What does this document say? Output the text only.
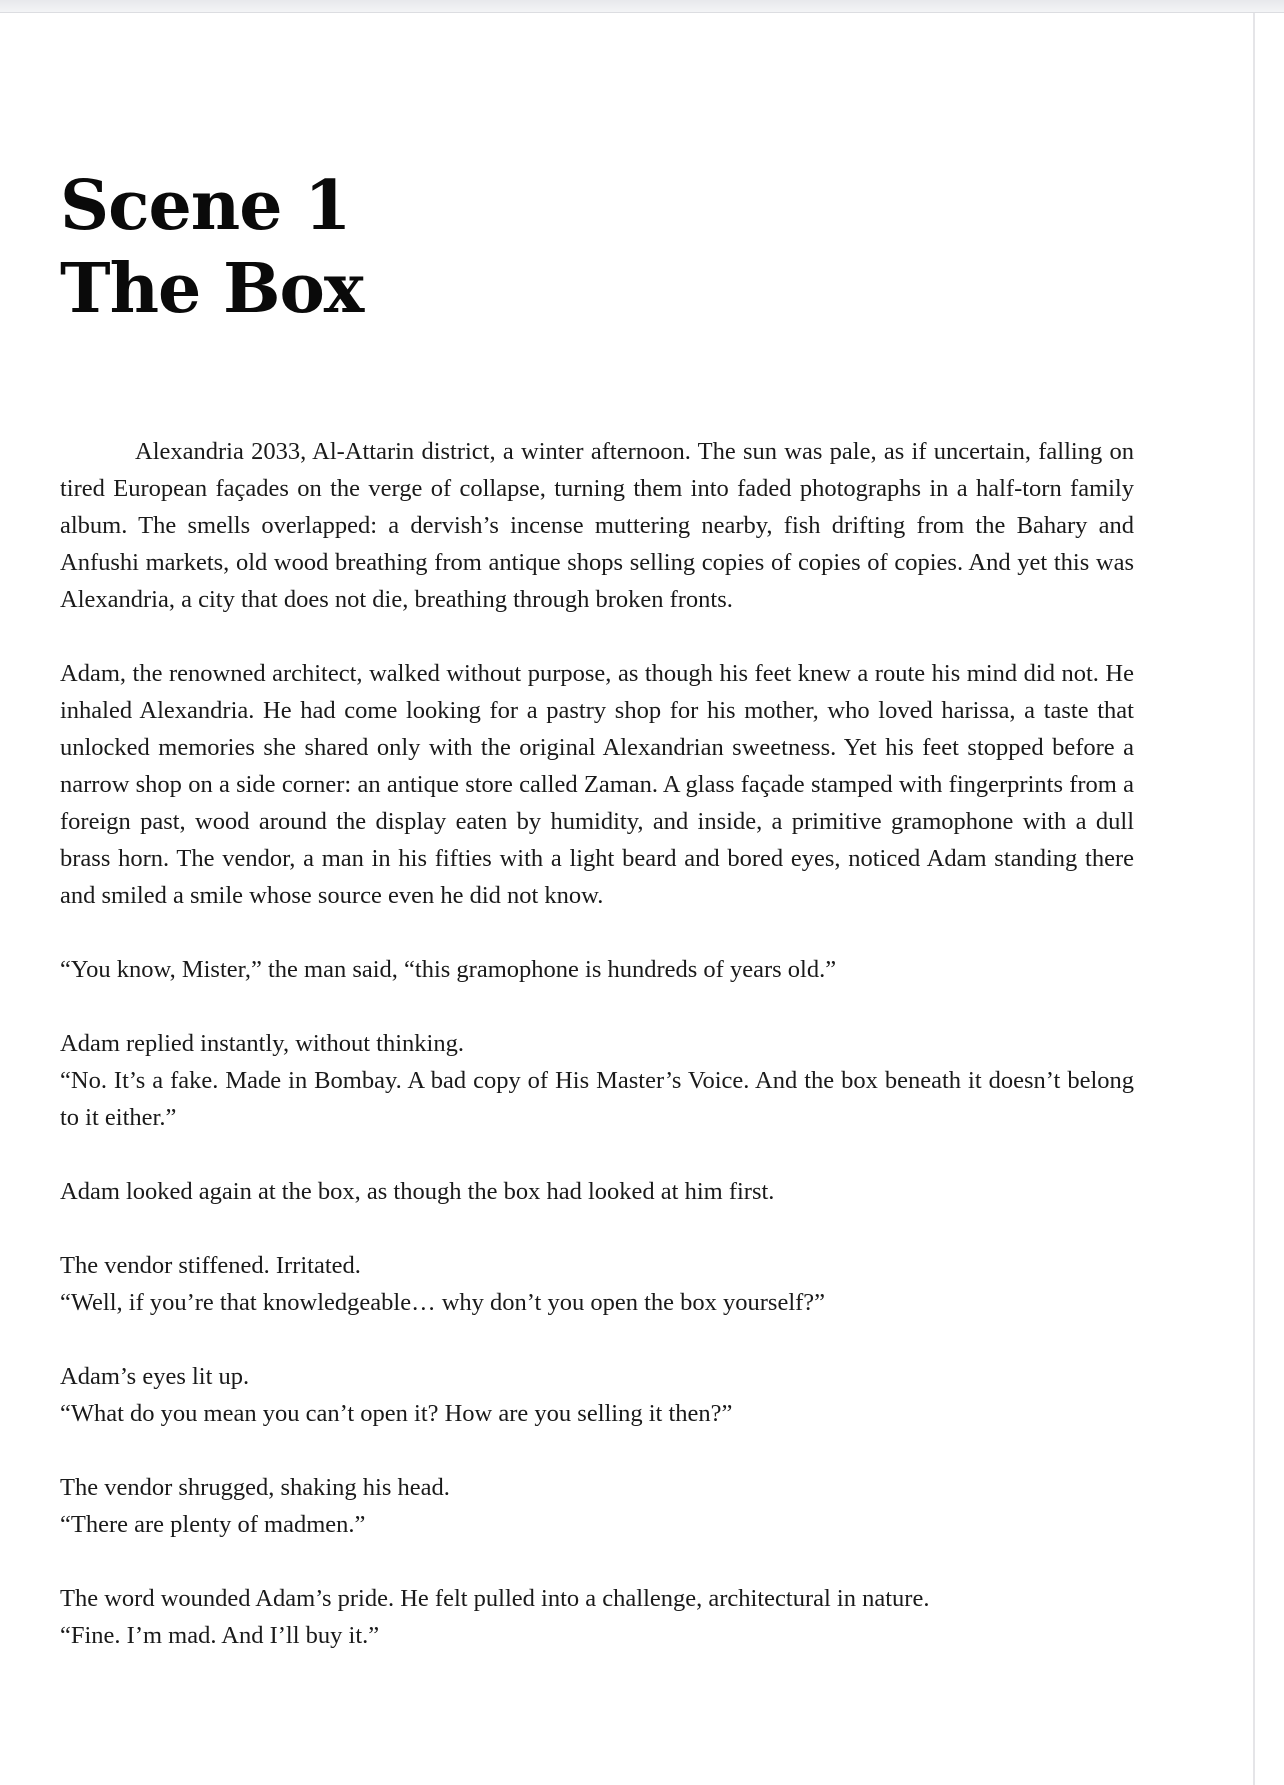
Scene 1
The Box

Alexandria 2033, Al-Attarin district, a winter afternoon. The sun was pale, as if uncertain, falling on tired European façades on the verge of collapse, turning them into faded photographs in a half-torn family album. The smells overlapped: a dervish’s incense muttering nearby, fish drifting from the Bahary and Anfushi markets, old wood breathing from antique shops selling copies of copies of copies. And yet this was Alexandria, a city that does not die, breathing through broken fronts.

Adam, the renowned architect, walked without purpose, as though his feet knew a route his mind did not. He inhaled Alexandria. He had come looking for a pastry shop for his mother, who loved harissa, a taste that unlocked memories she shared only with the original Alexandrian sweetness. Yet his feet stopped before a narrow shop on a side corner: an antique store called Zaman. A glass façade stamped with fingerprints from a foreign past, wood around the display eaten by humidity, and inside, a primitive gramophone with a dull brass horn. The vendor, a man in his fifties with a light beard and bored eyes, noticed Adam standing there and smiled a smile whose source even he did not know.

“You know, Mister,” the man said, “this gramophone is hundreds of years old.”

Adam replied instantly, without thinking.
“No. It’s a fake. Made in Bombay. A bad copy of His Master’s Voice. And the box beneath it doesn’t belong to it either.”

Adam looked again at the box, as though the box had looked at him first.

The vendor stiffened. Irritated.
“Well, if you’re that knowledgeable… why don’t you open the box yourself?”

Adam’s eyes lit up.
“What do you mean you can’t open it? How are you selling it then?”

The vendor shrugged, shaking his head.
“There are plenty of madmen.”

The word wounded Adam’s pride. He felt pulled into a challenge, architectural in nature.
“Fine. I’m mad. And I’ll buy it.”
